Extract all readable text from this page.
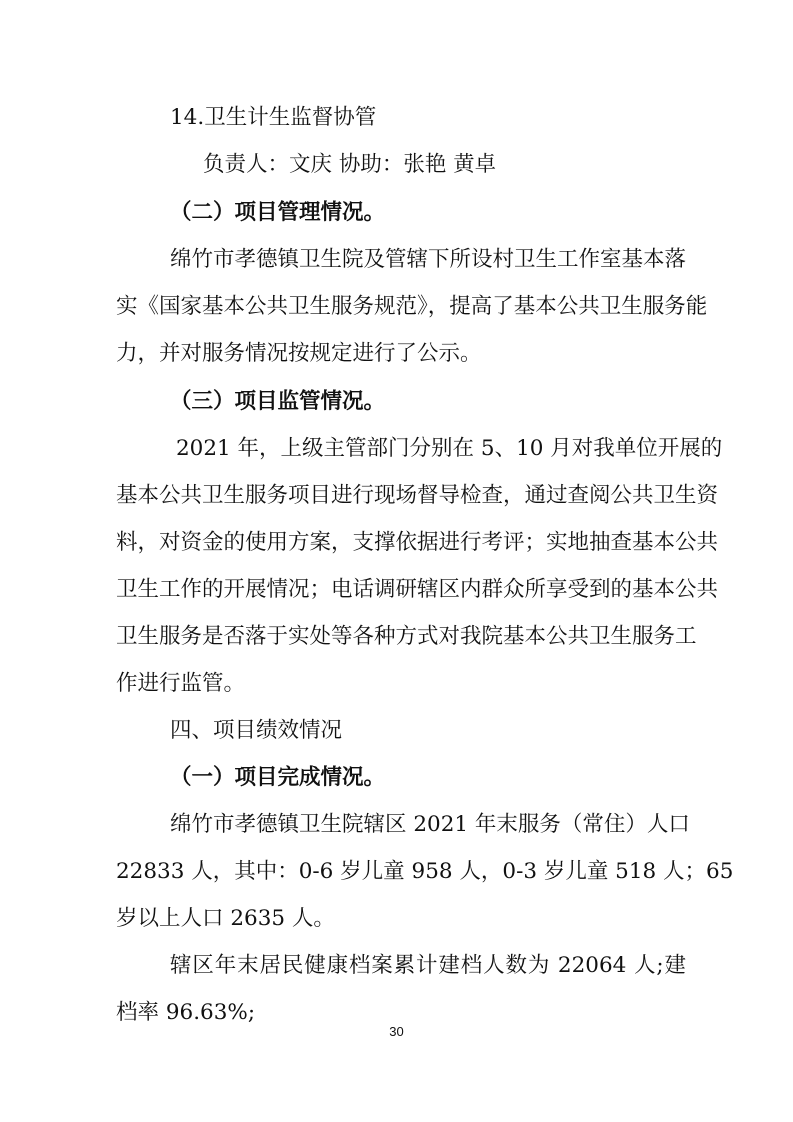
14.卫生计生监督协管
负责人：文庆 协助：张艳 黄卓
（二）项目管理情况。
绵竹市孝德镇卫生院及管辖下所设村卫生工作室基本落
实《国家基本公共卫生服务规范》，提高了基本公共卫生服务能
力，并对服务情况按规定进行了公示。
（三）项目监管情况。
2021 年，上级主管部门分别在 5、10 月对我单位开展的
基本公共卫生服务项目进行现场督导检查，通过查阅公共卫生资
料，对资金的使用方案，支撑依据进行考评；实地抽查基本公共
卫生工作的开展情况；电话调研辖区内群众所享受到的基本公共
卫生服务是否落于实处等各种方式对我院基本公共卫生服务工
作进行监管。
四、项目绩效情况
（一）项目完成情况。
绵竹市孝德镇卫生院辖区 2021 年末服务（常住）人口
22833 人，其中：0-6 岁儿童 958 人，0-3 岁儿童 518 人；65
岁以上人口 2635 人。
辖区年末居民健康档案累计建档人数为 22064 人;建
档率 96.63%;
30
